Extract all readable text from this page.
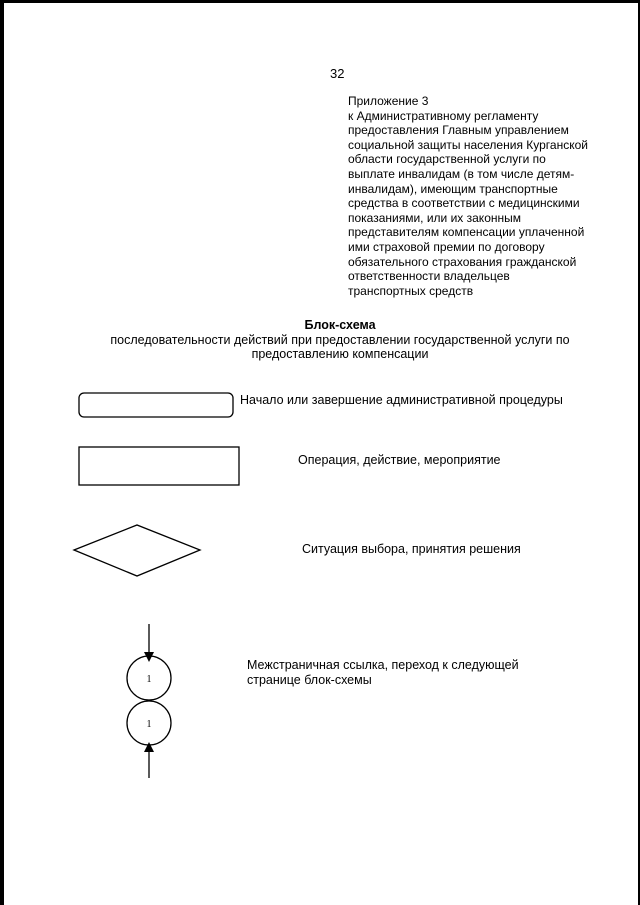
32
Приложение 3
к Административному регламенту
предоставления Главным управлением
социальной защиты населения Курганской
области государственной услуги по
выплате инвалидам (в том числе детям-
инвалидам), имеющим транспортные
средства в соответствии с медицинскими
показаниями, или их законным
представителям компенсации уплаченной
ими страховой премии по договору
обязательного страхования гражданской
ответственности владельцев
транспортных средств
Блок-схема
последовательности действий при предоставлении государственной услуги по
предоставлению компенсации
Начало или завершение административной процедуры
Операция, действие, мероприятие
Ситуация выбора, принятия решения
1
1
Межстраничная ссылка, переход к следующей
странице блок-схемы
